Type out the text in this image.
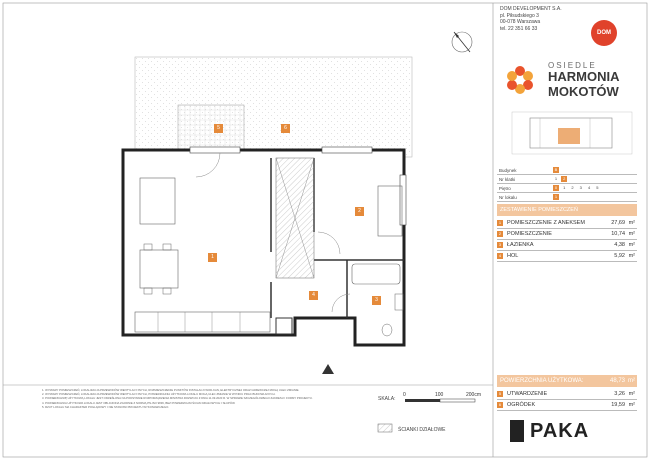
1
2
3
4
5	6
DOM DEVELOPMENT S.A.
pl. Piłsudskiego 3
00-078 Warszawa
tel. 22 351 66 33
DOM
OSIEDLE
HARMONIA
MOKOTÓW
Budynek	B
Nr klatki	1 2
Piętro	0 1 2 3 4 5
Nr lokalu	1
ZESTAWIENIE POMIESZCZEŃ
1	POMIESZCZENIE Z ANEKSEM	27,69 m²
2	POMIESZCZENIE	10,74 m²
3	ŁAZIENKA	4,38 m²
4	HOL	5,92 m²
POWIERZCHNIA UŻYTKOWA:	48,73 m²
5	UTWARDZENIE	3,26 m²
6	OGRÓDEK	19,59 m²
1. WYMIARY POMIESZCZEŃ, LOKALIZACJA PRZEWODÓW WENTYLACYJNYCH, ROZMIESZCZENIE PUNKTÓW INSTALACJI WOD-KAN, ELEKTRYCZNEJ ORAZ GRZEWCZEJ MOGĄ ULEC ZMIANIE.
2. WYMIARY POMIESZCZEŃ, LOKALIZACJA PRZEWODÓW WENTYLACYJNYCH, POWIERZCHNIA UŻYTKOWA LOKALU MOGĄ ULEC ZMIANIE W WYNIKU PRAC BUDOWLANYCH.
3. POWIERZCHNIĘ UŻYTKOWĄ LOKALU JEST OKREŚLONA NA PODSTAWIE ROZPORZĄDZENIA MINISTRA ROZWOJU Z DNIA 11.09.2020 R. W SPRAWIE SZCZEGÓŁOWEGO ZAKRESU I FORMY PROJEKTU.
4. POWIERZCHNIA UŻYTKOWA LOKALU JEST OBLICZONA ZGODNIE Z NORMĄ PN-ISO 9836, BEZ POWIERZCHNI ŚCIAN DZIAŁOWYCH I SŁUPÓW.
5. RZUT LOKALU MA CHARAKTER POGLĄDOWY I NIE STANOWI PROJEKTU WYKONAWCZEGO.
SKALA:
0	100	200cm
ŚCIANKI DZIAŁOWE	PAKA
